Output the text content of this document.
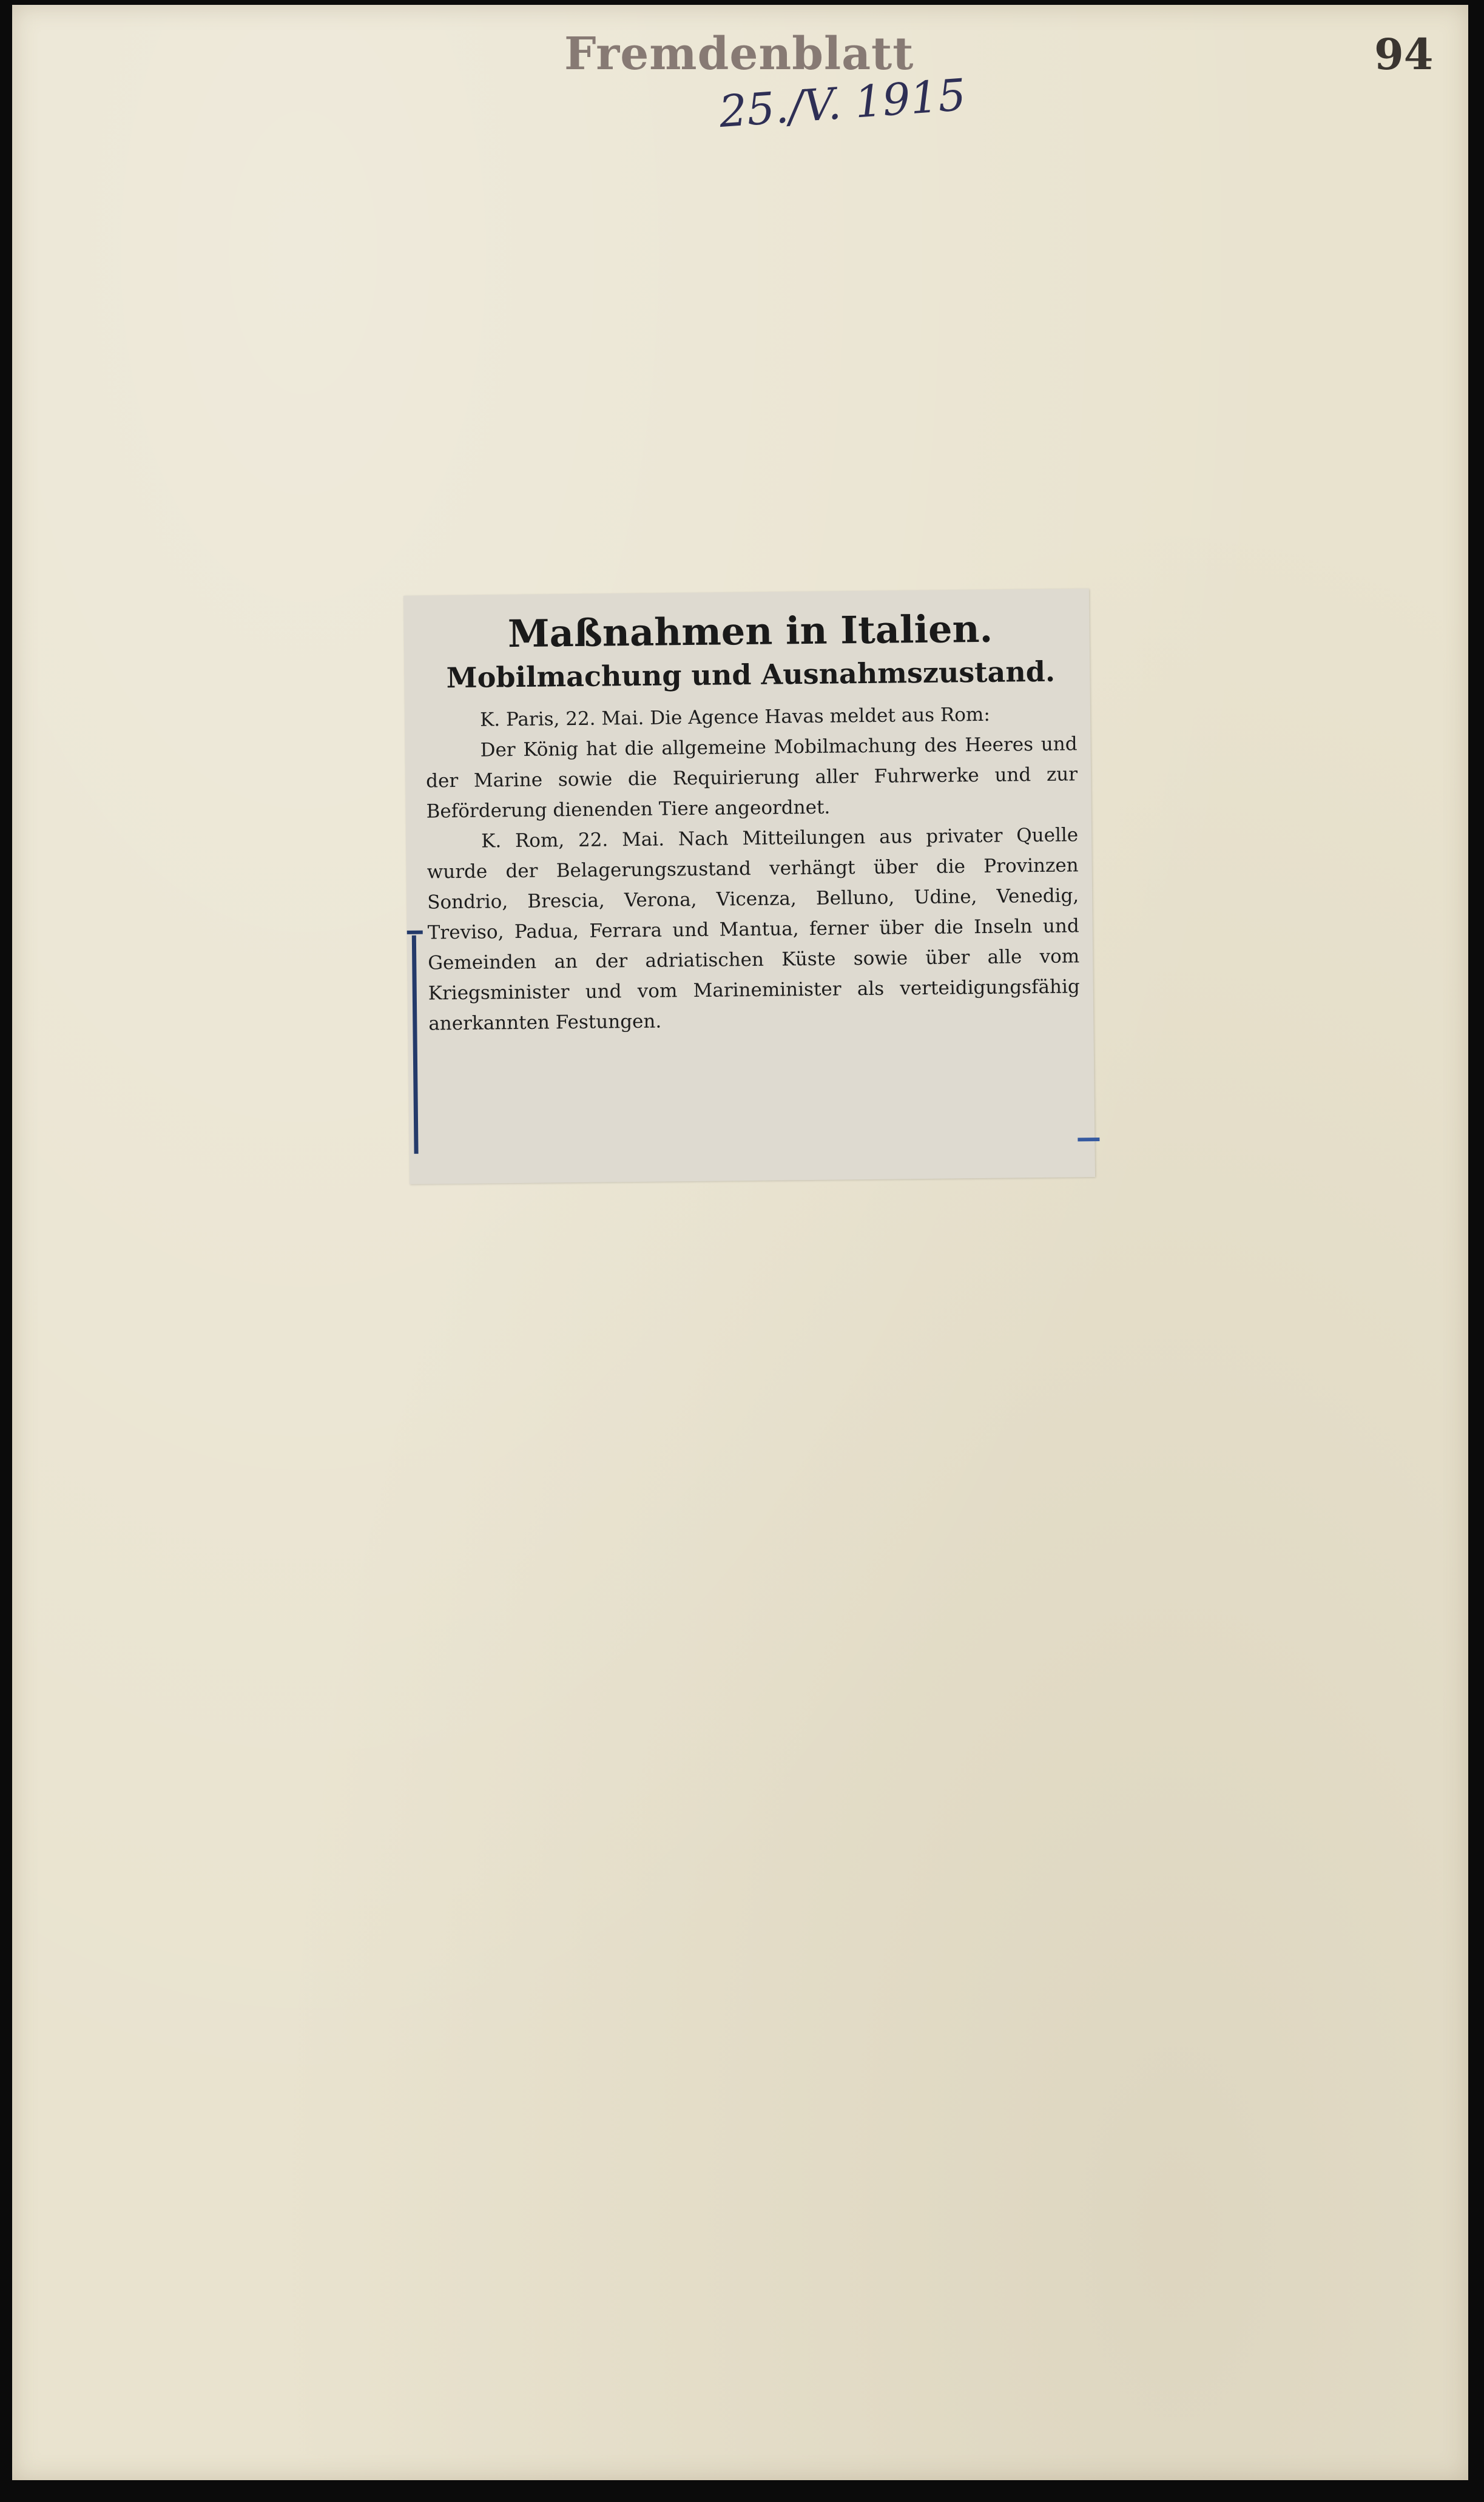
Fremdenblatt
25./V. 1915
94
Maßnahmen in Italien.
Mobilmachung und Ausnahmszustand.

K. Paris, 22. Mai. Die Agence Havas meldet aus Rom:

Der König hat die allgemeine Mobilmachung des Heeres und der Marine sowie die Requirierung aller Fuhrwerke und zur Beförderung dienenden Tiere angeordnet.

K. Rom, 22. Mai. Nach Mitteilungen aus privater Quelle wurde der Belagerungszustand verhängt über die Provinzen Sondrio, Brescia, Verona, Vicenza, Belluno, Udine, Venedig, Treviso, Padua, Ferrara und Mantua, ferner über die Inseln und Gemeinden an der adriatischen Küste sowie über alle vom Kriegsminister und vom Marineminister als verteidigungsfähig anerkannten Festungen.
